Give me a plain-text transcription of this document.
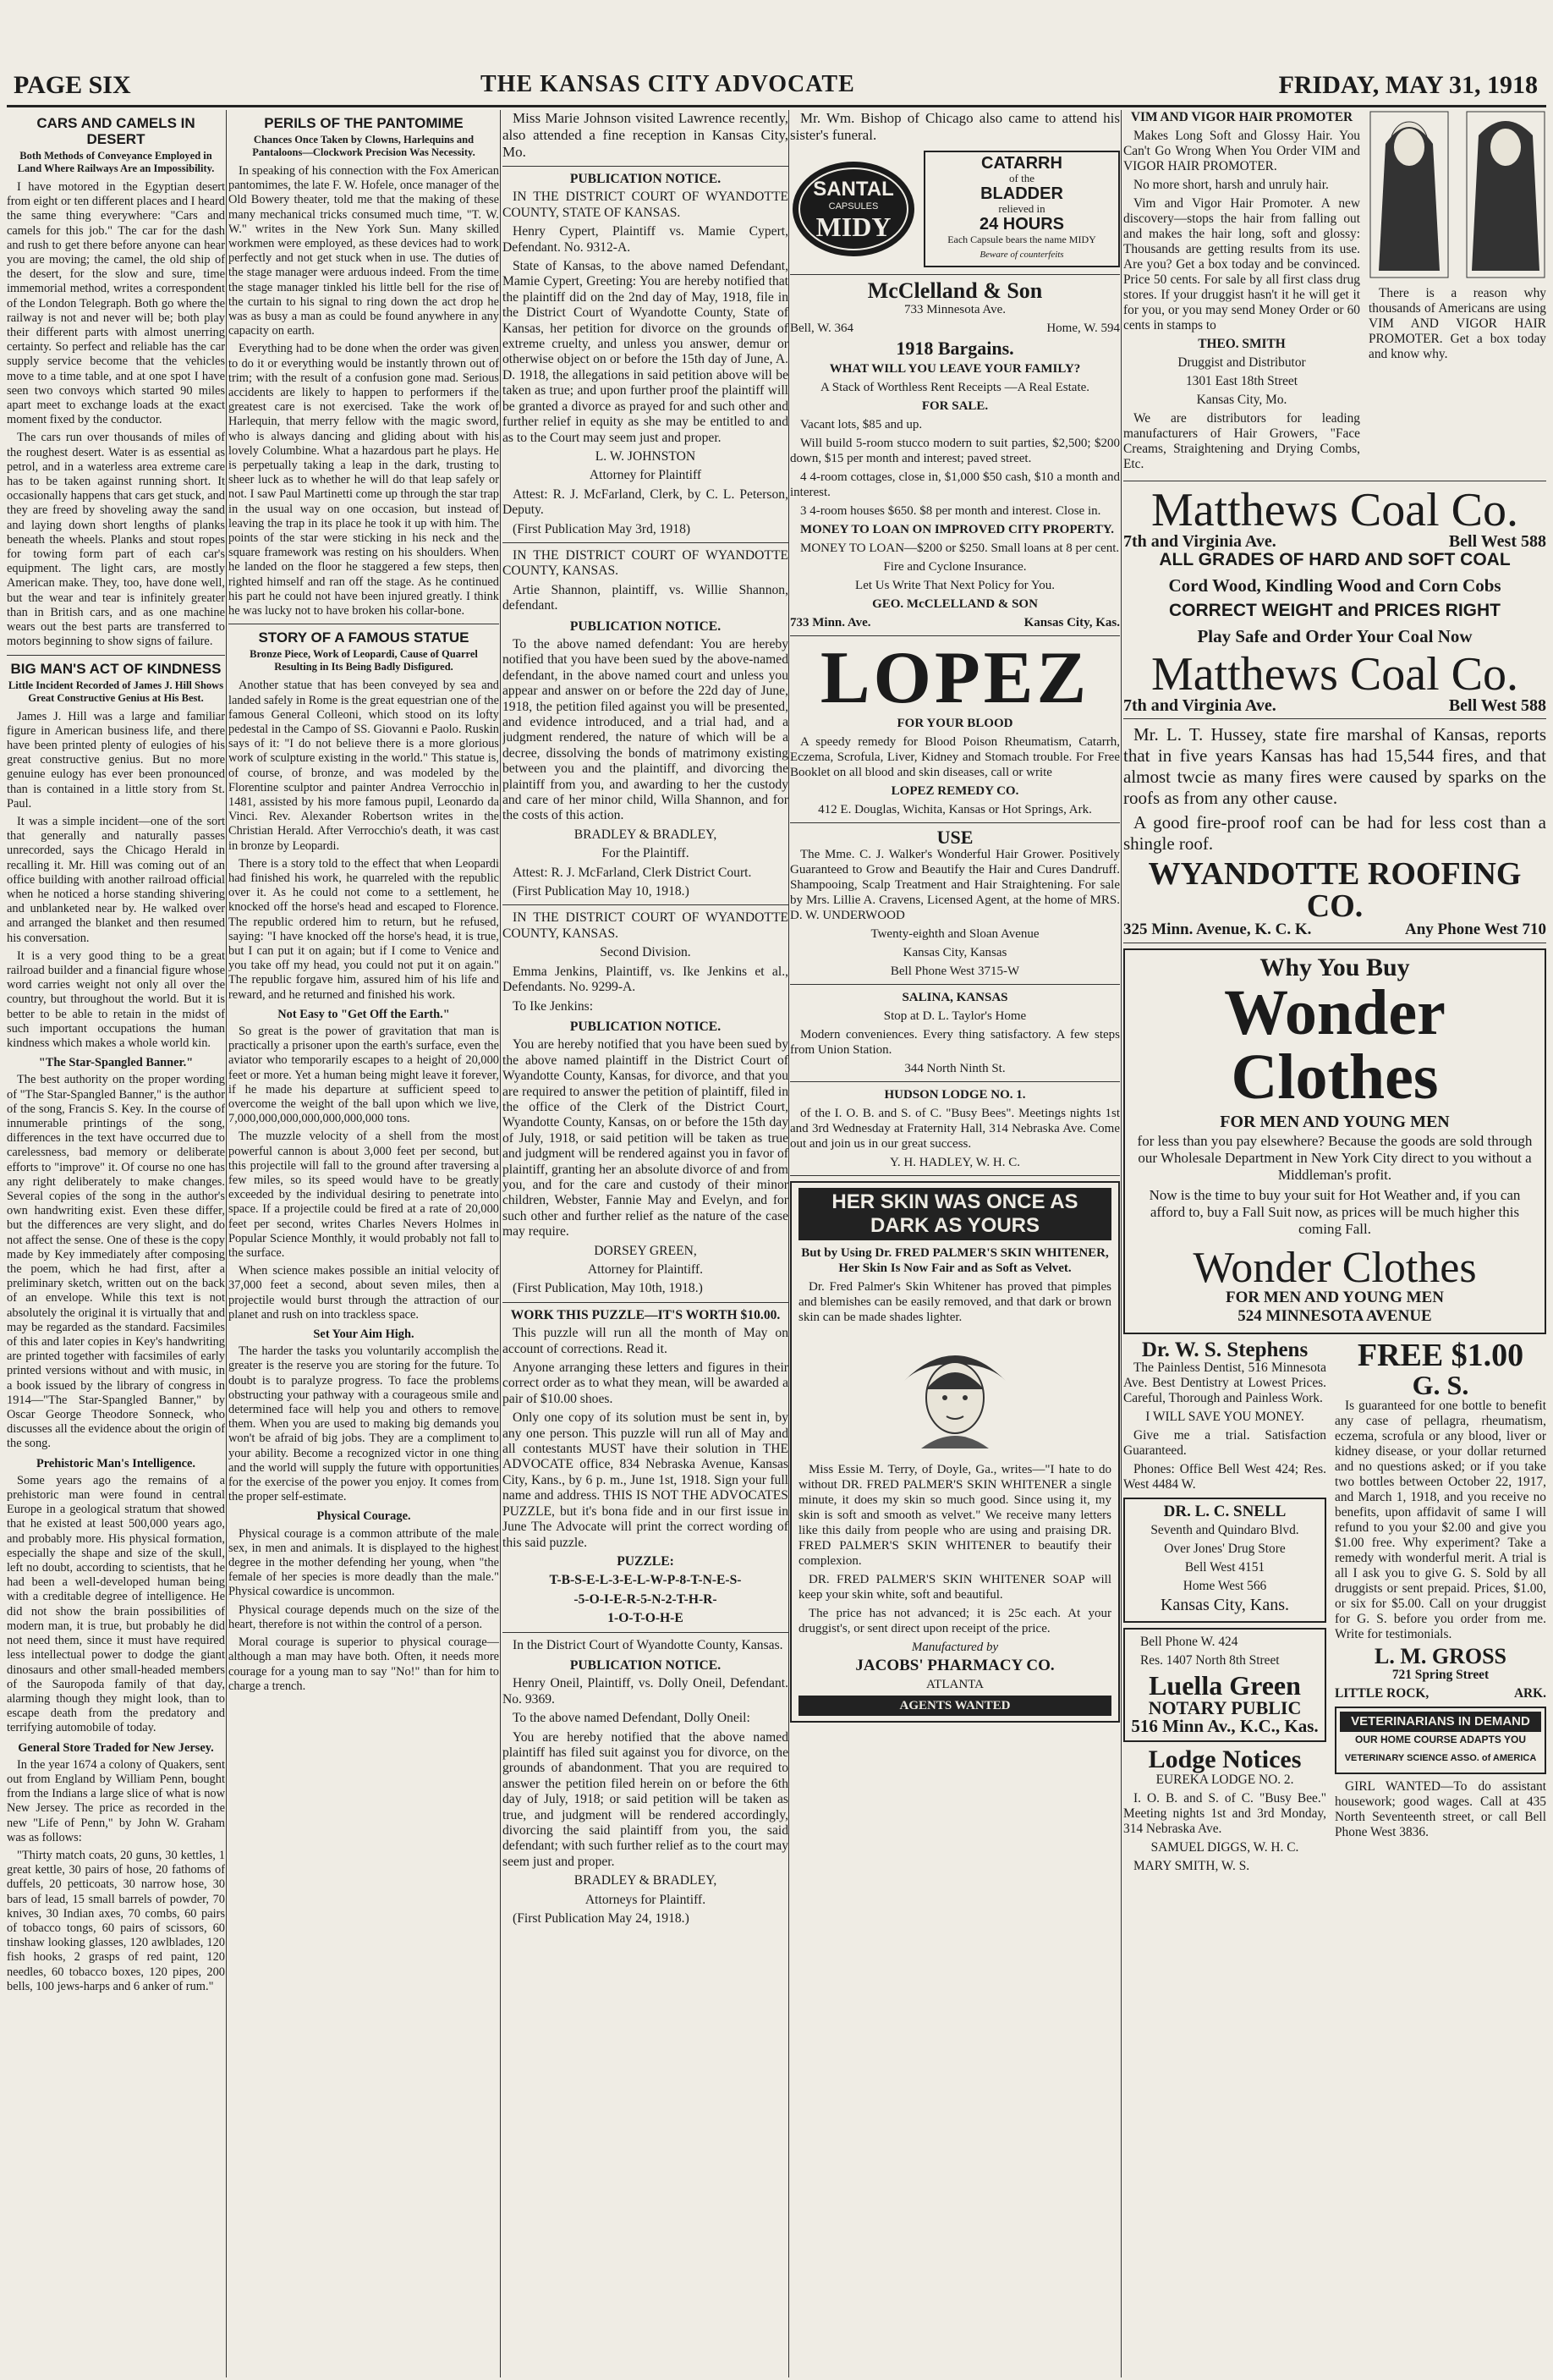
PAGE SIX	THE KANSAS CITY ADVOCATE	FRIDAY, MAY 31, 1918
CARS AND CAMELS IN DESERT
Both Methods of Conveyance Employed in Land Where Railways Are an Impossibility.

I have motored in the Egyptian desert from eight or ten different places and I heard the same thing everywhere: "Cars and camels for this job." The car for the dash and rush to get there before anyone can hear you are moving; the camel, the old ship of the desert, for the slow and sure, time immemorial method, writes a correspondent of the London Telegraph. Both go where the railway is not and never will be; both play their different parts with almost unerring certainty. So perfect and reliable has the car supply service become that the vehicles move to a time table, and at one spot I have seen two convoys which started 90 miles apart meet to exchange loads at the exact moment fixed by the conductor.

The cars run over thousands of miles of the roughest desert. Water is as essential as petrol, and in a waterless area extreme care has to be taken against running short. It occasionally happens that cars get stuck, and they are freed by shoveling away the sand and laying down short lengths of planks beneath the wheels. Planks and stout ropes for towing form part of each car's equipment. The light cars, are mostly American make. They, too, have done well, but the wear and tear is infinitely greater than in British cars, and as one machine wears out the best parts are transferred to motors beginning to show signs of failure.

BIG MAN'S ACT OF KINDNESS
Little Incident Recorded of James J. Hill Shows Great Constructive Genius at His Best.

James J. Hill was a large and familiar figure in American business life, and there have been printed plenty of eulogies of his great constructive genius. But no more genuine eulogy has ever been pronounced than is contained in a little story from St. Paul.

It was a simple incident—one of the sort that generally and naturally passes unrecorded, says the Chicago Herald in recalling it. Mr. Hill was coming out of an office building with another railroad official when he noticed a horse standing shivering and unblanketed near by. He walked over and arranged the blanket and then resumed his conversation.

It is a very good thing to be a great railroad builder and a financial figure whose word carries weight not only all over the country, but throughout the world. But it is better to be able to retain in the midst of such important occupations the human kindness which makes a whole world kin.

"The Star-Spangled Banner."

The best authority on the proper wording of "The Star-Spangled Banner," is the author of the song, Francis S. Key. In the course of innumerable printings of the song, differences in the text have occurred due to carelessness, bad memory or deliberate efforts to "improve" it. Of course no one has any right deliberately to make changes. Several copies of the song in the author's own handwriting exist. Even these differ, but the differences are very slight, and do not affect the sense. One of these is the copy made by Key immediately after composing the poem, which he had first, after a preliminary sketch, written out on the back of an envelope. While this text is not absolutely the original it is virtually that and may be regarded as the standard. Facsimiles of this and later copies in Key's handwriting are printed together with facsimiles of early printed versions without and with music, in a book issued by the library of congress in 1914—"The Star-Spangled Banner," by Oscar George Theodore Sonneck, who discusses all the evidence about the origin of the song.

Prehistoric Man's Intelligence.

Some years ago the remains of a prehistoric man were found in central Europe in a geological stratum that showed that he existed at least 500,000 years ago, and probably more. His physical formation, especially the shape and size of the skull, left no doubt, according to scientists, that he had been a well-developed human being with a creditable degree of intelligence. He did not show the brain possibilities of modern man, it is true, but probably he did not need them, since it must have required less intellectual power to dodge the giant dinosaurs and other small-headed members of the Sauropoda family of that day, alarming though they might look, than to escape death from the predatory and terrifying automobile of today.

General Store Traded for New Jersey.

In the year 1674 a colony of Quakers, sent out from England by William Penn, bought from the Indians a large slice of what is now New Jersey. The price as recorded in the new "Life of Penn," by John W. Graham was as follows:

"Thirty match coats, 20 guns, 30 kettles, 1 great kettle, 30 pairs of hose, 20 fathoms of duffels, 20 petticoats, 30 narrow hose, 30 bars of lead, 15 small barrels of powder, 70 knives, 30 Indian axes, 70 combs, 60 pairs of tobacco tongs, 60 pairs of scissors, 60 tinshaw looking glasses, 120 awlblades, 120 fish hooks, 2 grasps of red paint, 120 needles, 60 tobacco boxes, 120 pipes, 200 bells, 100 jews-harps and 6 anker of rum."

PERILS OF THE PANTOMIME
Chances Once Taken by Clowns, Harlequins and Pantaloons—Clockwork Precision Was Necessity.

In speaking of his connection with the Fox American pantomimes, the late F. W. Hofele, once manager of the Old Bowery theater, told me that the making of these many mechanical tricks consumed much time, "T. W. W." writes in the New York Sun. Many skilled workmen were employed, as these devices had to work perfectly and not get stuck when in use. The duties of the stage manager were arduous indeed. From the time the stage manager tinkled his little bell for the rise of the curtain to his signal to ring down the act drop he was as busy a man as could be found anywhere in any capacity on earth.

Everything had to be done when the order was given to do it or everything would be instantly thrown out of trim; with the result of a confusion gone mad. Serious accidents are likely to happen to performers if the greatest care is not exercised. Take the work of Harlequin, that merry fellow with the magic sword, who is always dancing and gliding about with his lovely Columbine. What a hazardous part he plays. He is perpetually taking a leap in the dark, trusting to sheer luck as to whether he will do that leap safely or not. I saw Paul Martinetti come up through the star trap in the usual way on one occasion, but instead of leaving the trap in its place he took it up with him. The points of the star were sticking in his neck and the square framework was resting on his shoulders. When he landed on the floor he staggered a few steps, then righted himself and ran off the stage. As he continued his part he could not have been injured greatly. I think he was lucky not to have broken his collar-bone.

STORY OF A FAMOUS STATUE
Bronze Piece, Work of Leopardi, Cause of Quarrel Resulting in Its Being Badly Disfigured.

Another statue that has been conveyed by sea and landed safely in Rome is the great equestrian one of the famous General Colleoni, which stood on its lofty pedestal in the Campo of SS. Giovanni e Paolo. Ruskin says of it: "I do not believe there is a more glorious work of sculpture existing in the world." This statue is, of course, of bronze, and was modeled by the Florentine sculptor and painter Andrea Verrocchio in 1481, assisted by his more famous pupil, Leonardo da Vinci. Rev. Alexander Robertson writes in the Christian Herald. After Verrocchio's death, it was cast in bronze by Leopardi.

There is a story told to the effect that when Leopardi had finished his work, he quarreled with the republic over it. As he could not come to a settlement, he knocked off the horse's head and escaped to Florence. The republic ordered him to return, but he refused, saying: "I have knocked off the horse's head, it is true, but I can put it on again; but if I come to Venice and you take off my head, you could not put it on again." The republic forgave him, assured him of his life and reward, and he returned and finished his work.

Not Easy to "Get Off the Earth."

So great is the power of gravitation that man is practically a prisoner upon the earth's surface, even the aviator who temporarily escapes to a height of 20,000 feet or more. Yet a human being might leave it forever, if he made his departure at sufficient speed to overcome the weight of the ball upon which we live, 7,000,000,000,000,000,000,000 tons.

The muzzle velocity of a shell from the most powerful cannon is about 3,000 feet per second, but this projectile will fall to the ground after traversing a few miles, so its speed would have to be greatly exceeded by the individual desiring to penetrate into space. If a projectile could be fired at a rate of 20,000 feet per second, writes Charles Nevers Holmes in Popular Science Monthly, it would probably not fall to the surface.

When science makes possible an initial velocity of 37,000 feet a second, about seven miles, then a projectile would burst through the attraction of our planet and rush on into trackless space.

Set Your Aim High.

The harder the tasks you voluntarily accomplish the greater is the reserve you are storing for the future. To doubt is to paralyze progress. To face the problems obstructing your pathway with a courageous smile and determined face will help you and others to remove them. When you are used to making big demands you won't be afraid of big jobs. They are a compliment to your ability. Become a recognized victor in one thing and the world will supply the future with opportunities for the exercise of the power you enjoy. It comes from the proper self-estimate.

Physical Courage.

Physical courage is a common attribute of the male sex, in men and animals. It is displayed to the highest degree in the mother defending her young, when "the female of her species is more deadly than the male." Physical cowardice is uncommon.

Physical courage depends much on the size of the heart, therefore is not within the control of a person.

Moral courage is superior to physical courage—although a man may have both. Often, it needs more courage for a young man to say "No!" than for him to charge a trench.

Miss Marie Johnson visited Lawrence recently, also attended a fine reception in Kansas City, Mo.

PUBLICATION NOTICE.

IN THE DISTRICT COURT OF WYANDOTTE COUNTY, STATE OF KANSAS.

Henry Cypert, Plaintiff vs. Mamie Cypert, Defendant. No. 9312-A.

State of Kansas, to the above named Defendant, Mamie Cypert, Greeting: You are hereby notified that the plaintiff did on the 2nd day of May, 1918, file in the District Court of Wyandotte County, State of Kansas, her petition for divorce on the grounds of extreme cruelty, and unless you answer, demur or otherwise object on or before the 15th day of June, A. D. 1918, the allegations in said petition above will be taken as true; and upon further proof the plaintiff will be granted a divorce as prayed for and such other and further relief in equity as she may be entitled to and as to the Court may seem just and proper.

L. W. JOHNSTON

Attorney for Plaintiff

Attest: R. J. McFarland, Clerk, by C. L. Peterson, Deputy.

(First Publication May 3rd, 1918)

IN THE DISTRICT COURT OF WYANDOTTE COUNTY, KANSAS.

Artie Shannon, plaintiff, vs. Willie Shannon, defendant.

PUBLICATION NOTICE.

To the above named defendant: You are hereby notified that you have been sued by the above-named defendant, in the above named court and unless you appear and answer on or before the 22d day of June, 1918, the petition filed against you will be presented, and evidence introduced, and a trial had, and a judgment rendered, the nature of which will be a decree, dissolving the bonds of matrimony existing between you and the plaintiff, and divorcing the plaintiff from you, and awarding to her the custody and care of her minor child, Willa Shannon, and for the costs of this action.

BRADLEY & BRADLEY,

For the Plaintiff.

Attest: R. J. McFarland, Clerk District Court.

(First Publication May 10, 1918.)

IN THE DISTRICT COURT OF WYANDOTTE COUNTY, KANSAS.

Second Division.

Emma Jenkins, Plaintiff, vs. Ike Jenkins et al., Defendants. No. 9299-A.

To Ike Jenkins:

PUBLICATION NOTICE.

You are hereby notified that you have been sued by the above named plaintiff in the District Court of Wyandotte County, Kansas, for divorce, and that you are required to answer the petition of plaintiff, filed in the office of the Clerk of the District Court, Wyandotte County, Kansas, on or before the 15th day of July, 1918, or said petition will be taken as true and judgment will be rendered against you in favor of plaintiff, granting her an absolute divorce of and from you, and for the care and custody of their minor children, Webster, Fannie May and Evelyn, and for such other and further relief as the nature of the case may require.

DORSEY GREEN,

Attorney for Plaintiff.

(First Publication, May 10th, 1918.)

WORK THIS PUZZLE—IT'S WORTH $10.00.

This puzzle will run all the month of May on account of corrections. Read it.

Anyone arranging these letters and figures in their correct order as to what they mean, will be awarded a pair of $10.00 shoes.

Only one copy of its solution must be sent in, by any one person. This puzzle will run all of May and all contestants MUST have their solution in THE ADVOCATE office, 834 Nebraska Avenue, Kansas City, Kans., by 6 p. m., June 1st, 1918. Sign your full name and address. THIS IS NOT THE ADVOCATES PUZZLE, but it's bona fide and in our first issue in June The Advocate will print the correct wording of this said puzzle.

PUZZLE:

T-B-S-E-L-3-E-L-W-P-8-T-N-E-S-

-5-O-I-E-R-5-N-2-T-H-R-

1-O-T-O-H-E

In the District Court of Wyandotte County, Kansas.

PUBLICATION NOTICE.

Henry Oneil, Plaintiff, vs. Dolly Oneil, Defendant. No. 9369.

To the above named Defendant, Dolly Oneil:

You are hereby notified that the above named plaintiff has filed suit against you for divorce, on the grounds of abandonment. That you are required to answer the petition filed herein on or before the 6th day of July, 1918; or said petition will be taken as true, and judgment will be rendered accordingly, divorcing the said plaintiff from you, the said defendant; with such further relief as to the court may seem just and proper.

BRADLEY & BRADLEY,

Attorneys for Plaintiff.

(First Publication May 24, 1918.)

Mr. Wm. Bishop of Chicago also came to attend his sister's funeral.

SANTAL
CAPSULES
MIDY
CATARRH
of the
BLADDER
relieved in
24 HOURS
Each Capsule bears the name MIDY
Beware of counterfeits
McClelland & Son

733 Minnesota Ave.

Bell, W. 364	Home, W. 594
1918 Bargains.

WHAT WILL YOU LEAVE YOUR FAMILY?

A Stack of Worthless Rent Receipts —A Real Estate.

FOR SALE.

Vacant lots, $85 and up.

Will build 5-room stucco modern to suit parties, $2,500; $200 down, $15 per month and interest; paved street.

4 4-room cottages, close in, $1,000 $50 cash, $10 a month and interest.

3 4-room houses $650. $8 per month and interest. Close in.

MONEY TO LOAN ON IMPROVED CITY PROPERTY.

MONEY TO LOAN—$200 or $250. Small loans at 8 per cent.

Fire and Cyclone Insurance.

Let Us Write That Next Policy for You.

GEO. McCLELLAND & SON

733 Minn. Ave.	Kansas City, Kas.
LOPEZ

FOR YOUR BLOOD

A speedy remedy for Blood Poison Rheumatism, Catarrh, Eczema, Scrofula, Liver, Kidney and Stomach trouble. For Free Booklet on all blood and skin diseases, call or write

LOPEZ REMEDY CO.

412 E. Douglas, Wichita, Kansas or Hot Springs, Ark.

USE

The Mme. C. J. Walker's Wonderful Hair Grower. Positively Guaranteed to Grow and Beautify the Hair and Cures Dandruff. Shampooing, Scalp Treatment and Hair Straightening. For sale by Mrs. Lillie A. Cravens, Licensed Agent, at the home of MRS. D. W. UNDERWOOD

Twenty-eighth and Sloan Avenue

Kansas City, Kansas

Bell Phone West 3715-W

SALINA, KANSAS

Stop at D. L. Taylor's Home

Modern conveniences. Every thing satisfactory. A few steps from Union Station.

344 North Ninth St.

HUDSON LODGE NO. 1.

of the I. O. B. and S. of C. "Busy Bees". Meetings nights 1st and 3rd Wednesday at Fraternity Hall, 314 Nebraska Ave. Come out and join us in our great success.

Y. H. HADLEY, W. H. C.

HER SKIN WAS ONCE AS DARK AS YOURS

But by Using Dr. FRED PALMER'S SKIN WHITENER, Her Skin Is Now Fair and as Soft as Velvet.

Dr. Fred Palmer's Skin Whitener has proved that pimples and blemishes can be easily removed, and that dark or brown skin can be made shades lighter.

Miss Essie M. Terry, of Doyle, Ga., writes—"I hate to do without DR. FRED PALMER'S SKIN WHITENER a single minute, it does my skin so much good. Since using it, my skin is soft and smooth as velvet." We receive many letters like this daily from people who are using and praising DR. FRED PALMER'S SKIN WHITENER to beautify their complexion.

DR. FRED PALMER'S SKIN WHITENER SOAP will keep your skin white, soft and beautiful.

The price has not advanced; it is 25c each. At your druggist's, or sent direct upon receipt of the price.

Manufactured by

JACOBS' PHARMACY CO.

ATLANTA

AGENTS WANTED

VIM AND VIGOR HAIR PROMOTER

Makes Long Soft and Glossy Hair. You Can't Go Wrong When You Order VIM and VIGOR HAIR PROMOTER.

No more short, harsh and unruly hair.

Vim and Vigor Hair Promoter. A new discovery—stops the hair from falling out and makes the hair long, soft and glossy: Thousands are getting results from its use. Are you? Get a box today and be convinced. Price 50 cents. For sale by all first class drug stores. If your druggist hasn't it he will get it for you, or you may send Money Order or 60 cents in stamps to

THEO. SMITH

Druggist and Distributor

1301 East 18th Street

Kansas City, Mo.

We are distributors for leading manufacturers of Hair Growers, "Face Creams, Straightening and Drying Combs, Etc.

There is a reason why thousands of Americans are using VIM AND VIGOR HAIR PROMOTER. Get a box today and know why.

Matthews Coal Co.
7th and Virginia Ave.	Bell West 588

ALL GRADES OF HARD AND SOFT COAL

Cord Wood, Kindling Wood and Corn Cobs

CORRECT WEIGHT and PRICES RIGHT

Play Safe and Order Your Coal Now

Matthews Coal Co.
7th and Virginia Ave.	Bell West 588

Mr. L. T. Hussey, state fire marshal of Kansas, reports that in five years Kansas has had 15,544 fires, and that almost twcie as many fires were caused by sparks on the roofs as from any other cause.

A good fire-proof roof can be had for less cost than a shingle roof.

WYANDOTTE ROOFING CO.
325 Minn. Avenue, K. C. K.	Any Phone West 710
Why You Buy
Wonder
Clothes

FOR MEN AND YOUNG MEN

for less than you pay elsewhere? Because the goods are sold through our Wholesale Department in New York City direct to you without a Middleman's profit.

Now is the time to buy your suit for Hot Weather and, if you can afford to, buy a Fall Suit now, as prices will be much higher this coming Fall.

Wonder Clothes

FOR MEN AND YOUNG MEN

524 MINNESOTA AVENUE

Dr. W. S. Stephens

The Painless Dentist, 516 Minnesota Ave. Best Dentistry at Lowest Prices. Careful, Thorough and Painless Work.

I WILL SAVE YOU MONEY.

Give me a trial. Satisfaction Guaranteed.

Phones: Office Bell West 424; Res. West 4484 W.

DR. L. C. SNELL

Seventh and Quindaro Blvd.

Over Jones' Drug Store

Bell West 4151

Home West 566

Kansas City, Kans.

Bell Phone W. 424

Res. 1407 North 8th Street

Luella Green
NOTARY PUBLIC
516 Minn Av., K.C., Kas.
Lodge Notices

EUREKA LODGE NO. 2.

I. O. B. and S. of C. "Busy Bee." Meeting nights 1st and 3rd Monday, 314 Nebraska Ave.

SAMUEL DIGGS, W. H. C.

MARY SMITH, W. S.

FREE $1.00
G. S.

Is guaranteed for one bottle to benefit any case of pellagra, rheumatism, eczema, scrofula or any blood, liver or kidney disease, or your dollar returned and no questions asked; or if you take two bottles between October 22, 1917, and March 1, 1918, and you receive no benefits, upon affidavit of same I will refund to you your $2.00 and give you $1.00 free. Why experiment? Take a remedy with wonderful merit. A trial is all I ask you to give G. S. Sold by all druggists or sent prepaid. Prices, $1.00, or six for $5.00. Call on your druggist for G. S. before you order from me. Write for testimonials.

L. M. GROSS

721 Spring Street

LITTLE ROCK,	ARK.
VETERINARIANS IN DEMAND

OUR HOME COURSE ADAPTS YOU

VETERINARY SCIENCE ASSO. of AMERICA

GIRL WANTED—To do assistant housework; good wages. Call at 435 North Seventeenth street, or call Bell Phone West 3836.
